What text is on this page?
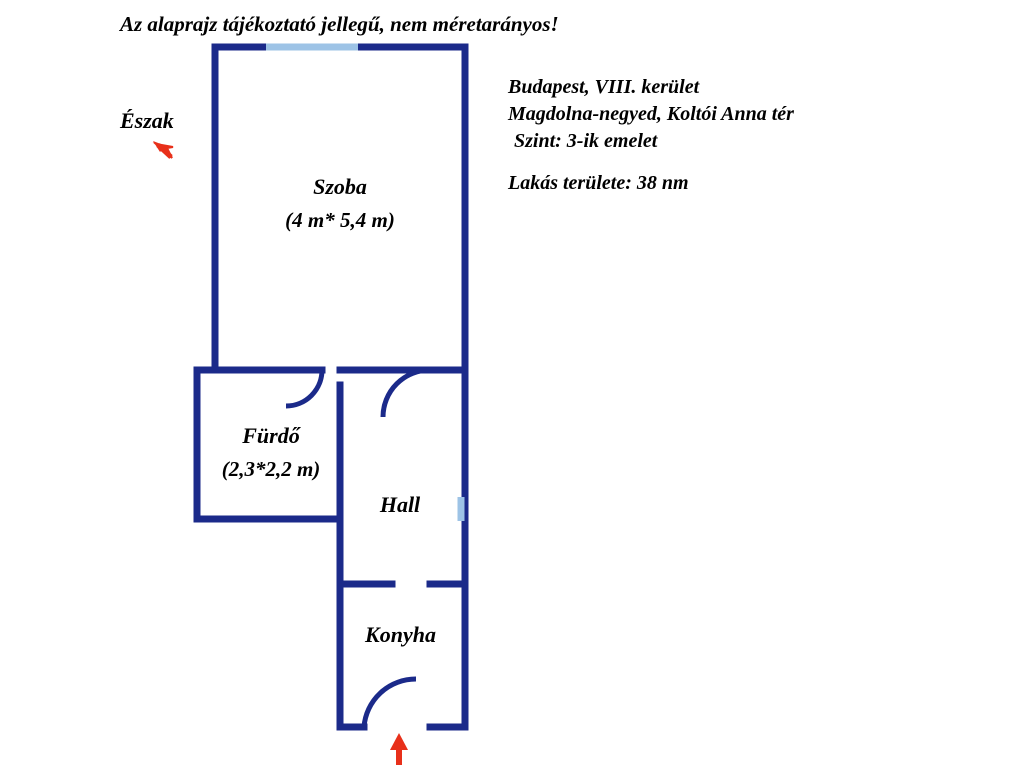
Az alaprajz tájékoztató jellegű, nem méretarányos!
Budapest, VIII. kerület
Magdolna-negyed, Koltói Anna tér
Szint: 3-ik emelet
Lakás területe: 38 nm
Észak
Szoba
(4 m* 5,4 m)
Fürdő
(2,3*2,2 m)
Hall
Konyha
